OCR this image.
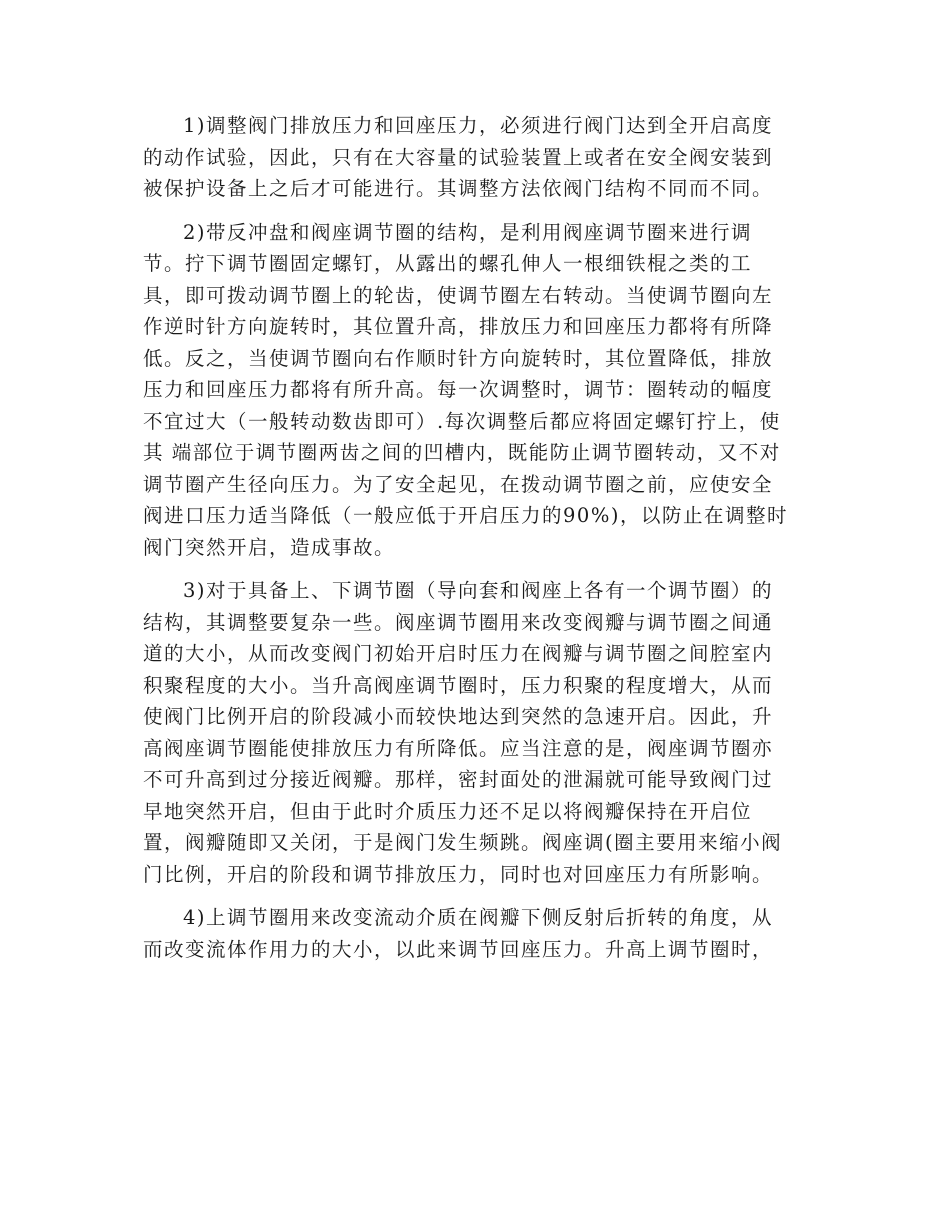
1)调整阀门排放压力和回座压力，必须进行阀门达到全开启高度
的动作试验，因此，只有在大容量的试验装置上或者在安全阀安装到
被保护设备上之后才可能进行。其调整方法依阀门结构不同而不同。

2)带反冲盘和阀座调节圈的结构，是利用阀座调节圈来进行调
节。拧下调节圈固定螺钉，从露出的螺孔伸人一根细铁棍之类的工
具，即可拨动调节圈上的轮齿，使调节圈左右转动。当使调节圈向左
作逆时针方向旋转时，其位置升高，排放压力和回座压力都将有所降
低。反之，当使调节圈向右作顺时针方向旋转时，其位置降低，排放
压力和回座压力都将有所升高。每一次调整时，调节：圈转动的幅度
不宜过大（一般转动数齿即可）.每次调整后都应将固定螺钉拧上，使
其 端部位于调节圈两齿之间的凹槽内，既能防止调节圈转动，又不对
调节圈产生径向压力。为了安全起见，在拨动调节圈之前，应使安全
阀进口压力适当降低（一般应低于开启压力的90%)，以防止在调整时
阀门突然开启，造成事故。

3)对于具备上、下调节圈（导向套和阀座上各有一个调节圈）的
结构，其调整要复杂一些。阀座调节圈用来改变阀瓣与调节圈之间通
道的大小，从而改变阀门初始开启时压力在阀瓣与调节圈之间腔室内
积聚程度的大小。当升高阀座调节圈时，压力积聚的程度增大，从而
使阀门比例开启的阶段减小而较快地达到突然的急速开启。因此，升
高阀座调节圈能使排放压力有所降低。应当注意的是，阀座调节圈亦
不可升高到过分接近阀瓣。那样，密封面处的泄漏就可能导致阀门过
早地突然开启，但由于此时介质压力还不足以将阀瓣保持在开启位
置，阀瓣随即又关闭，于是阀门发生频跳。阀座调(圈主要用来缩小阀
门比例，开启的阶段和调节排放压力，同时也对回座压力有所影响。

4)上调节圈用来改变流动介质在阀瓣下侧反射后折转的角度，从
而改变流体作用力的大小，以此来调节回座压力。升高上调节圈时，
